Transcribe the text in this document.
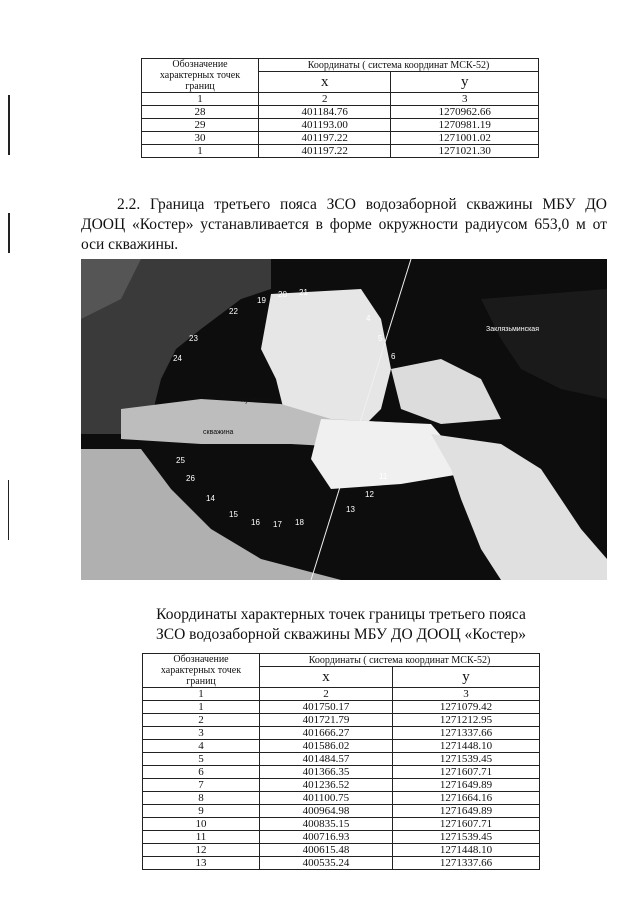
Обозначение характерных точек границ	Координаты ( система координат МСК-52)	
	x	y
1	2	3
28	401184.76	1270962.66
29	401193.00	1270981.19
30	401197.22	1271001.02
1	401197.22	1271021.30
2.2. Граница третьего пояса ЗСО водозаборной скважины МБУ ДО ДООЦ «Костер» устанавливается в форме окружности радиусом 653,0 м от оси скважины.
19
20 21
4
5
6
22
23
24
25
26
14
15
16 17 18
13
12
11
Заклязьминская
Кулебаки
скважина
Координаты характерных точек границы третьего пояса
ЗСО водозаборной скважины МБУ ДО ДООЦ «Костер»
Обозначение характерных точек границ	Координаты ( система координат МСК-52)	
	x	y
1	2	3
1	401750.17	1271079.42
2	401721.79	1271212.95
3	401666.27	1271337.66
4	401586.02	1271448.10
5	401484.57	1271539.45
6	401366.35	1271607.71
7	401236.52	1271649.89
8	401100.75	1271664.16
9	400964.98	1271649.89
10	400835.15	1271607.71
11	400716.93	1271539.45
12	400615.48	1271448.10
13	400535.24	1271337.66
